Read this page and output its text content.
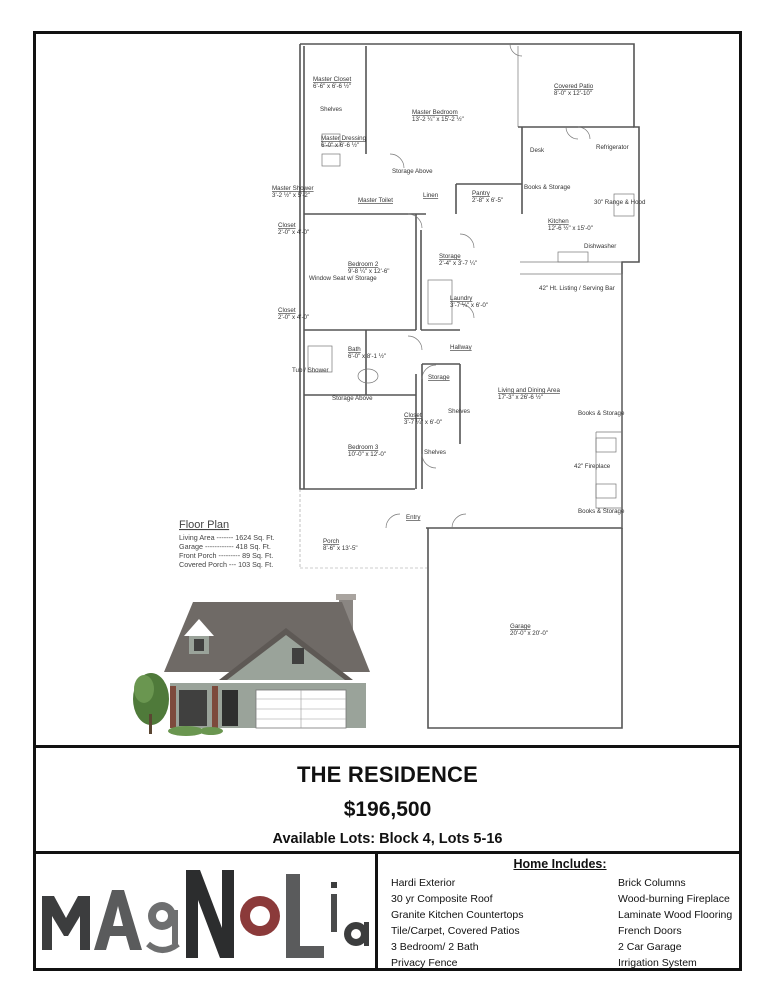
Master Closet
6'-6" x 6'-6 ½"
Shelves	Master Bedroom
13'-2 ¼" x 15'-2 ½"
Covered Patio
8'-0" x 12'-10"
Master Dressing
6'-0" x 6'-6 ½"
Storage Above
Master Shower
3'-2 ½" x 5'-2"
Master Toilet
Linen	Pantry
2'-8" x 6'-5"
Desk
Books & Storage
Refrigerator
30" Range & Hood
Kitchen
12'-6 ½" x 15'-0"
Dishwasher
42" Ht. Listing / Serving Bar
Closet
2'-0" x 4'-0"
Bedroom 2
9'-8 ¼" x 12'-6"
Window Seat w/ Storage
Storage
2'-4" x 3'-7 ¼"
Laundry
3'-7 ¼" x 6'-0"
Closet
2'-0" x 4'-0"
Bath
6'-0" x 8'-1 ½"
Tub / Shower
Storage Above
Hallway
Storage
Living and Dining Area
17'-3" x 26'-6 ½"
Books & Storage
42" Fireplace
Books & Storage
Shelves
Closet
3'-7 ¼" x 6'-0"
Shelves
Bedroom 3
10'-0" x 12'-0"
Entry
Porch
8'-6" x 13'-5"
Garage
20'-0" x 20'-0"
Floor Plan
Living Area ------- 1624 Sq. Ft.
Garage ------------ 418 Sq. Ft.
Front Porch --------- 89 Sq. Ft.
Covered Porch --- 103 Sq. Ft.
THE RESIDENCE
$196,500
Available Lots: Block 4, Lots 5-16
Home Includes:
Hardi Exterior
30 yr Composite Roof
Granite Kitchen Countertops
Tile/Carpet, Covered Patios
3 Bedroom/ 2 Bath
Privacy Fence
Brick Columns
Wood-burning Fireplace
Laminate Wood Flooring
French Doors
2 Car Garage
Irrigation System
